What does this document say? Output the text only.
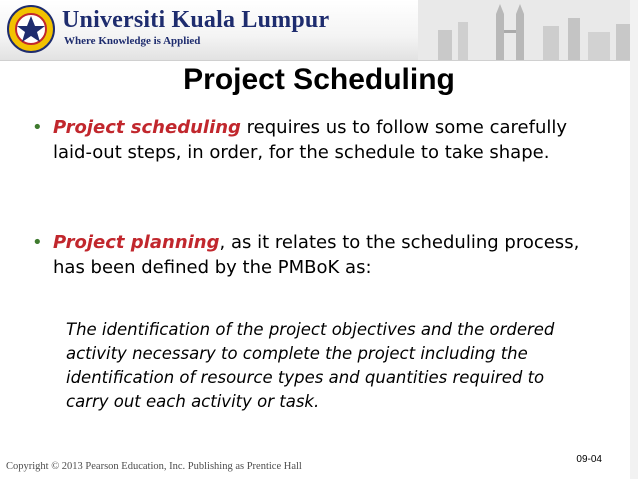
Universiti Kuala Lumpur
Where Knowledge is Applied
Project Scheduling
• Project scheduling requires us to follow some carefully laid-out steps, in order, for the schedule to take shape.
• Project planning, as it relates to the scheduling process, has been defined by the PMBoK as:
The identification of the project objectives and the ordered activity necessary to complete the project including the identification of resource types and quantities required to carry out each activity or task.
09-04
Copyright © 2013 Pearson Education, Inc. Publishing as Prentice Hall
